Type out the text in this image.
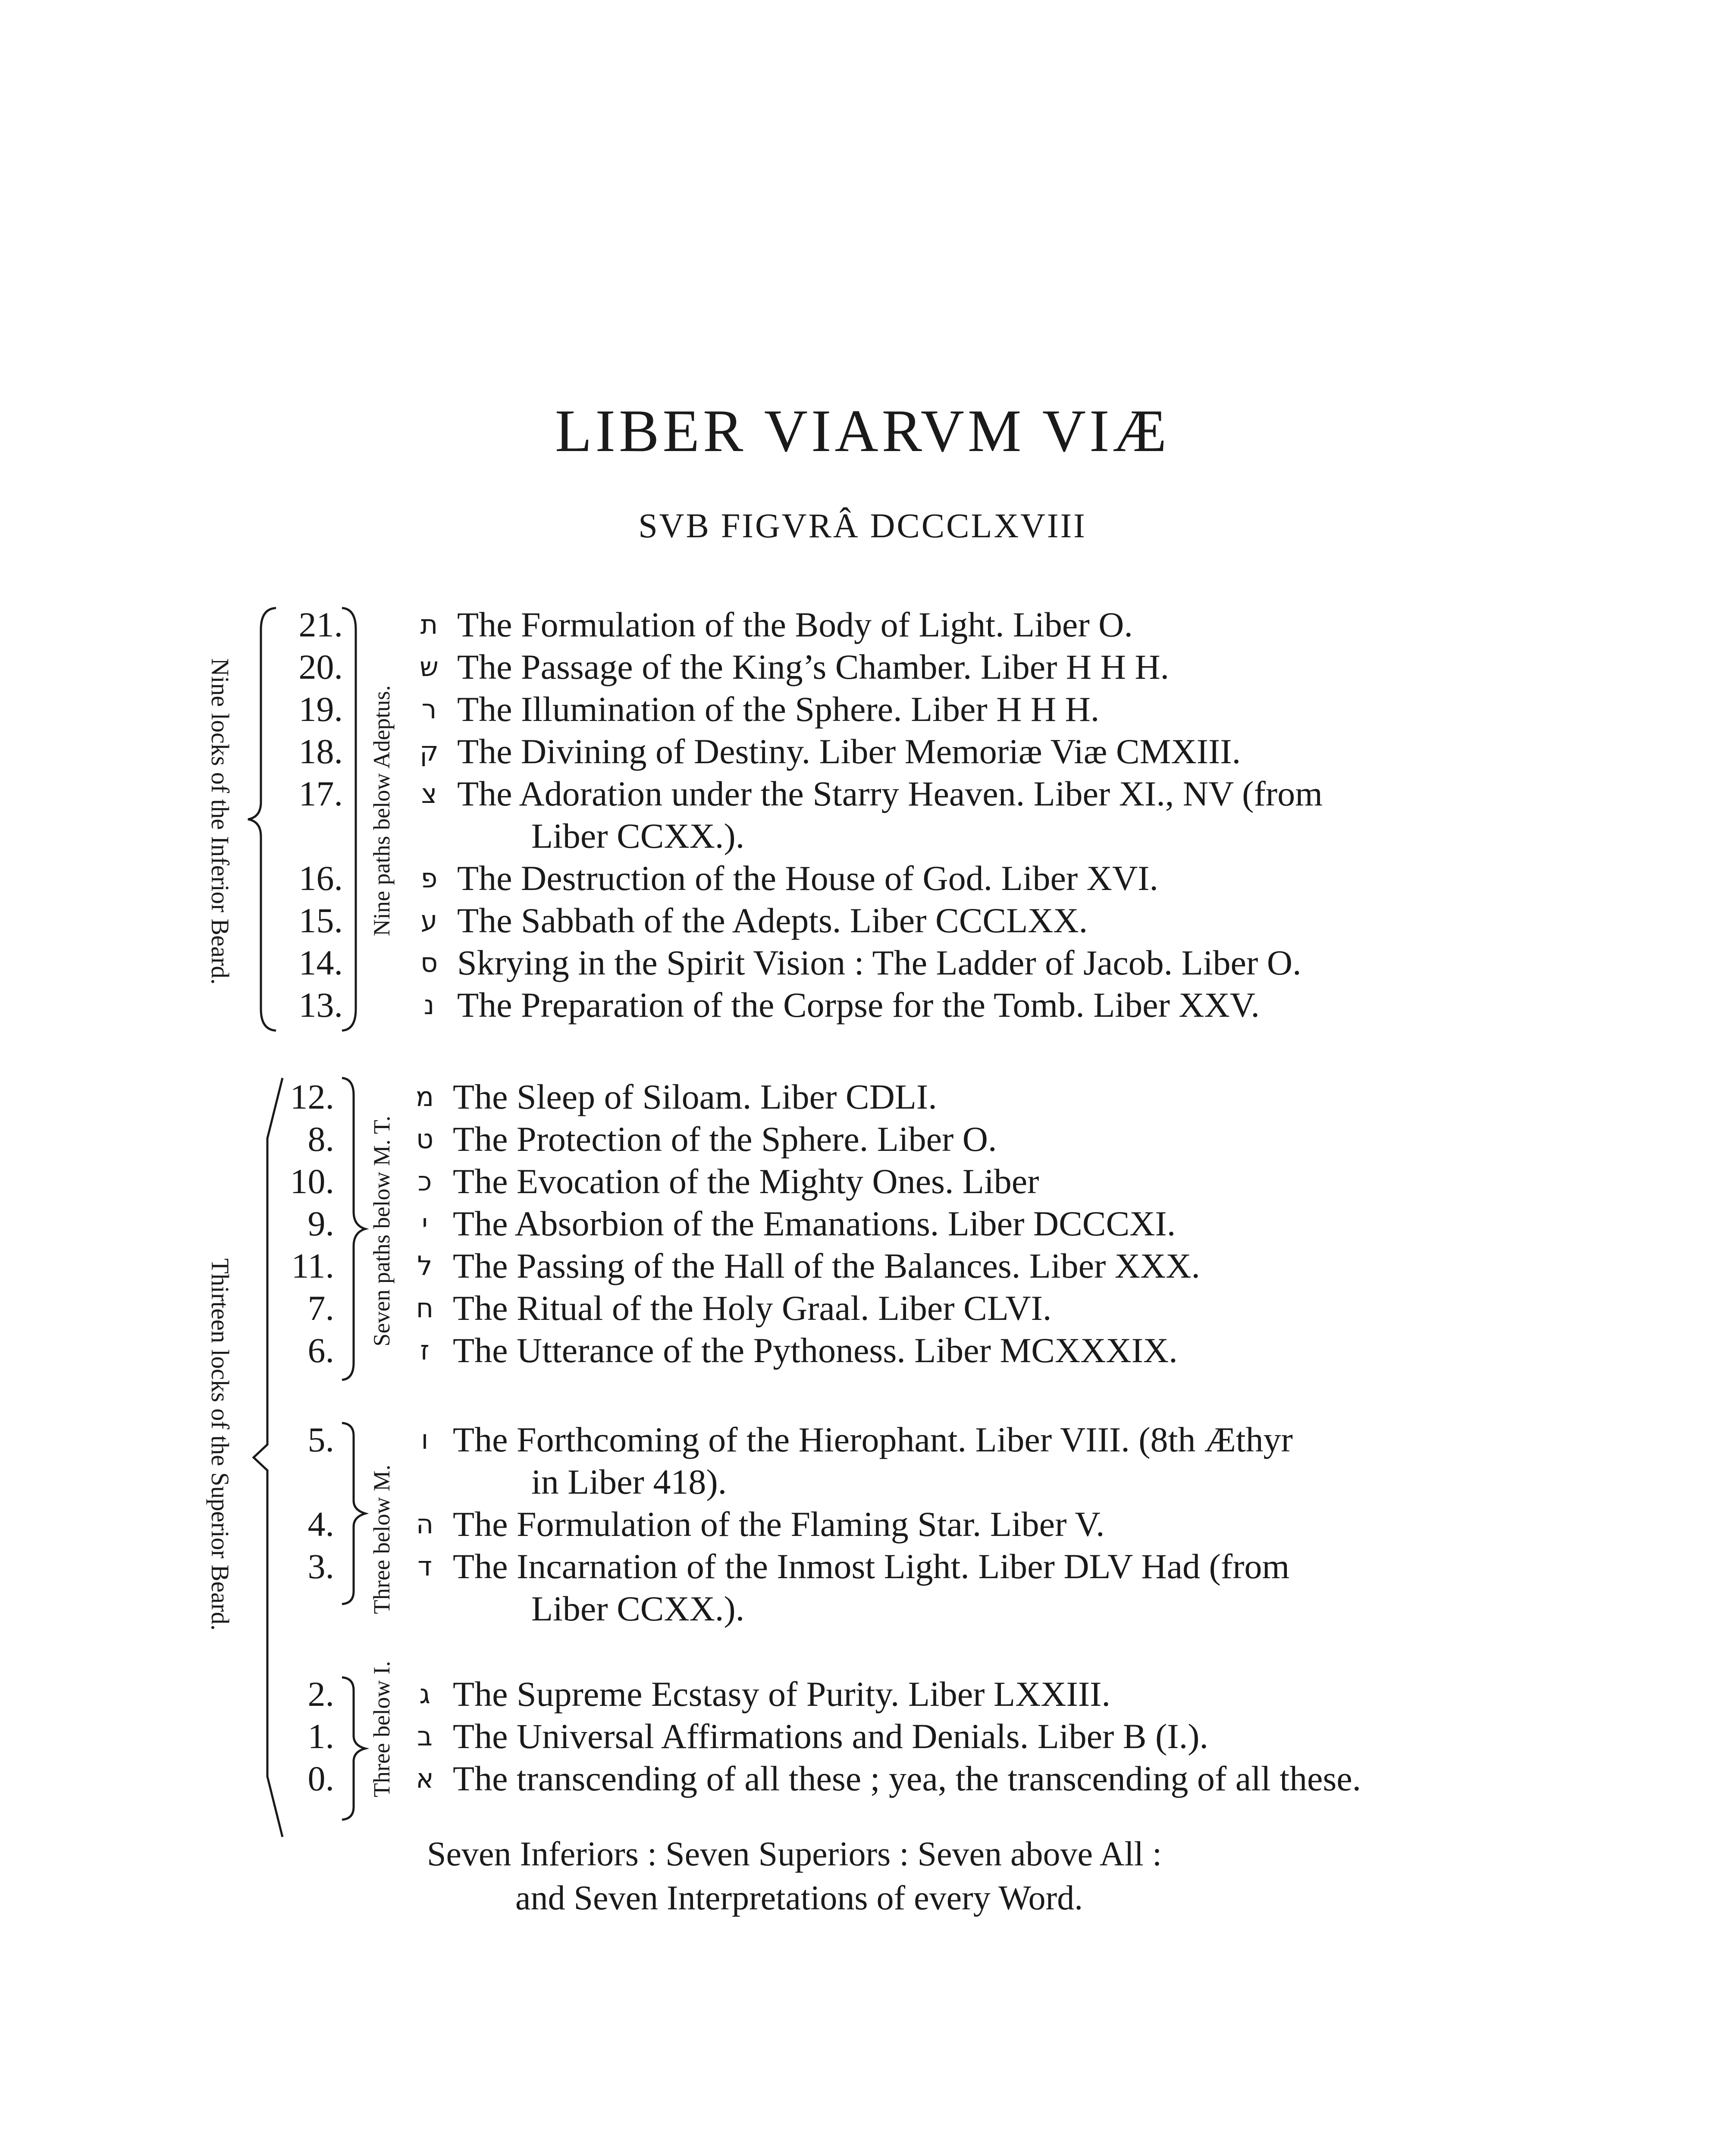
LIBER VIARVM VIÆ
SVB FIGVRÂ DCCCLXVIII
Nine locks of the Inferior Beard.
Thirteen locks of the Superior Beard.
Nine paths below Adeptus.
Seven paths below M. T.
Three below M.
Three below I.
21.	ת The Formulation of the Body of Light. Liber O.
20.	ש The Passage of the King’s Chamber. Liber H H H.
19.	ר The Illumination of the Sphere. Liber H H H.
18.	ק The Divining of Destiny. Liber Memoriæ Viæ CMXIII.
17.	צ The Adoration under the Starry Heaven. Liber XI., NV (from
Liber CCXX.).
16.	פ The Destruction of the House of God. Liber XVI.
15.	ע The Sabbath of the Adepts. Liber CCCLXX.
14.	ס Skrying in the Spirit Vision : The Ladder of Jacob. Liber O.
13.	נ The Preparation of the Corpse for the Tomb. Liber XXV.
12.	מ The Sleep of Siloam. Liber CDLI.
8.	ט The Protection of the Sphere. Liber O.
10.	כ The Evocation of the Mighty Ones. Liber
9.	י The Absorbion of the Emanations. Liber DCCCXI.
11.	ל The Passing of the Hall of the Balances. Liber XXX.
7.	ח The Ritual of the Holy Graal. Liber CLVI.
6.	ז The Utterance of the Pythoness. Liber MCXXXIX.
5.	ו The Forthcoming of the Hierophant. Liber VIII. (8th Æthyr
in Liber 418).
4.	ה The Formulation of the Flaming Star. Liber V.
3.	ד The Incarnation of the Inmost Light. Liber DLV Had (from
Liber CCXX.).
2.	ג The Supreme Ecstasy of Purity. Liber LXXIII.
1.	ב The Universal Affirmations and Denials. Liber B (I.).
0.	א The transcending of all these ; yea, the transcending of all these.
Seven Inferiors : Seven Superiors : Seven above All :
and Seven Interpretations of every Word.
